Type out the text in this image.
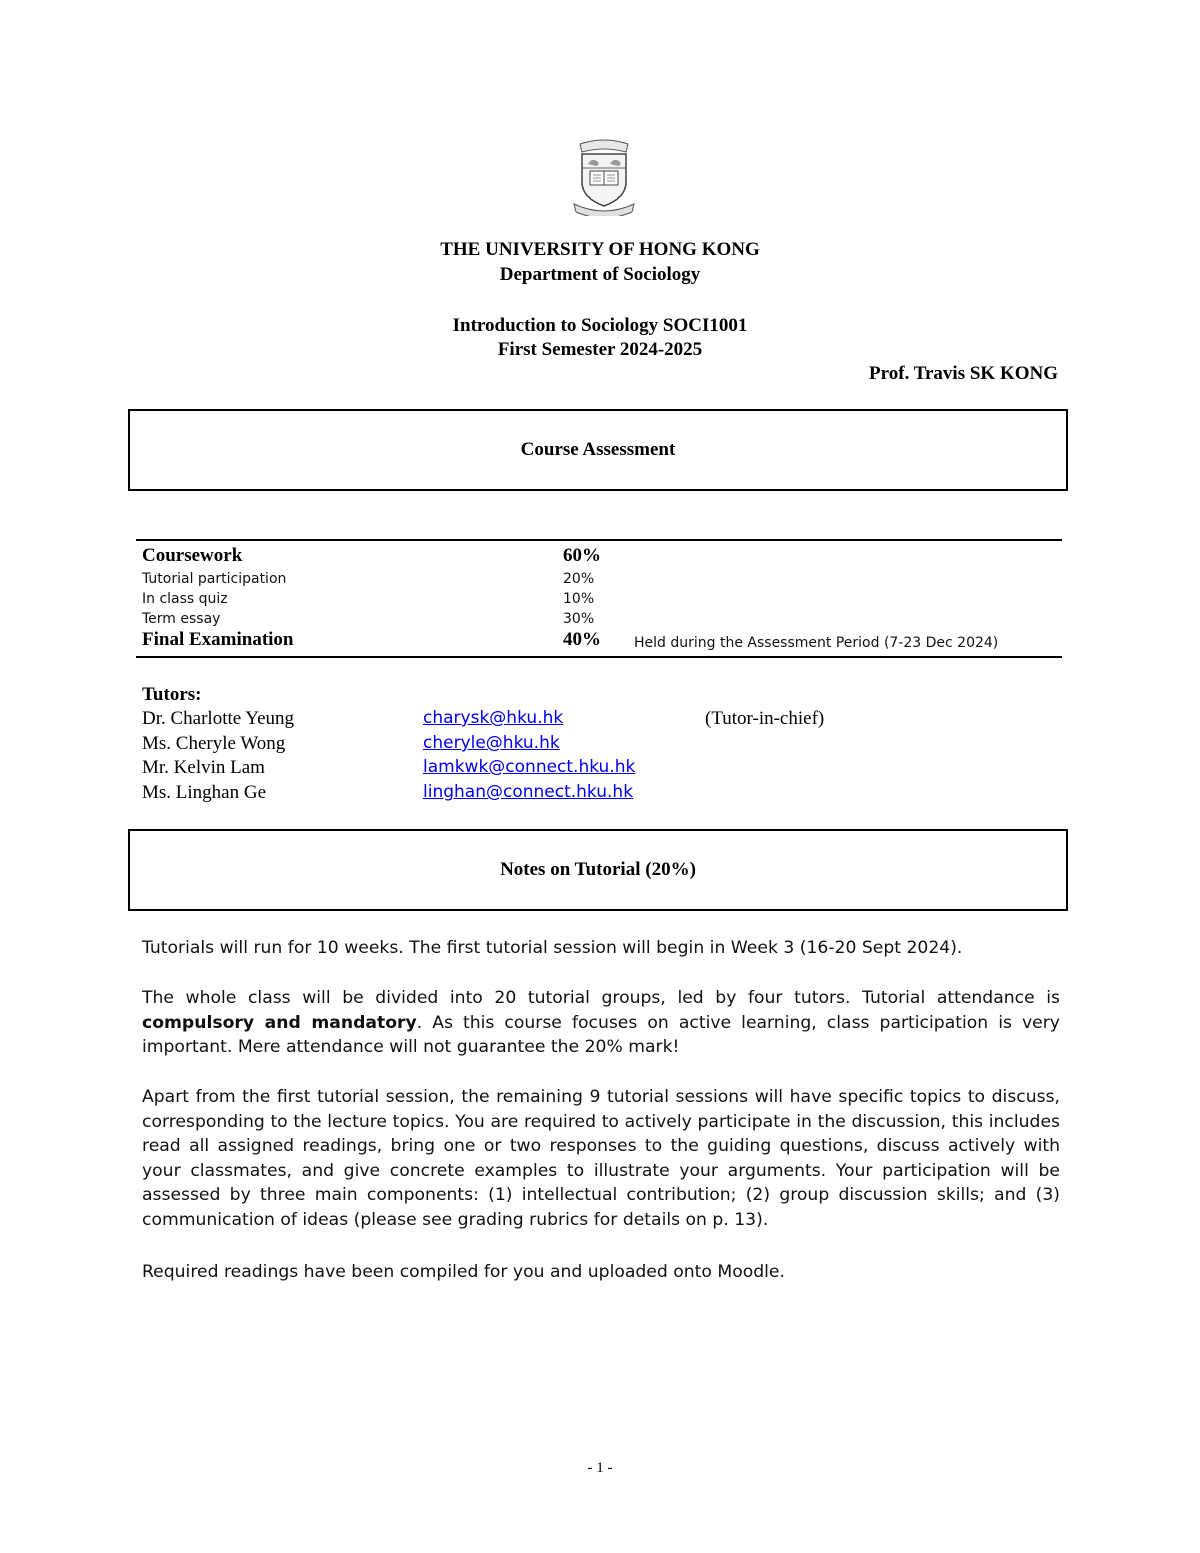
THE UNIVERSITY OF HONG KONG
Department of Sociology
Introduction to Sociology SOCI1001
First Semester 2024-2025
Prof. Travis SK KONG
Course Assessment
Coursework	60%
Tutorial participation	20%
In class quiz	10%
Term essay	30%
Final Examination	40% Held during the Assessment Period (7-23 Dec 2024)
Tutors:
Dr. Charlotte Yeung	charysk@hku.hk	(Tutor-in-chief)
Ms. Cheryle Wong	cheryle@hku.hk
Mr. Kelvin Lam	lamkwk@connect.hku.hk
Ms. Linghan Ge	linghan@connect.hku.hk
Notes on Tutorial (20%)
Tutorials will run for 10 weeks. The first tutorial session will begin in Week 3 (16-20 Sept 2024).
The whole class will be divided into 20 tutorial groups, led by four tutors. Tutorial attendance is compulsory and mandatory. As this course focuses on active learning, class participation is very important. Mere attendance will not guarantee the 20% mark!
Apart from the first tutorial session, the remaining 9 tutorial sessions will have specific topics to discuss, corresponding to the lecture topics. You are required to actively participate in the discussion, this includes read all assigned readings, bring one or two responses to the guiding questions, discuss actively with your classmates, and give concrete examples to illustrate your arguments. Your participation will be assessed by three main components: (1) intellectual contribution; (2) group discussion skills; and (3) communication of ideas (please see grading rubrics for details on p. 13).
Required readings have been compiled for you and uploaded onto Moodle.
- 1 -
